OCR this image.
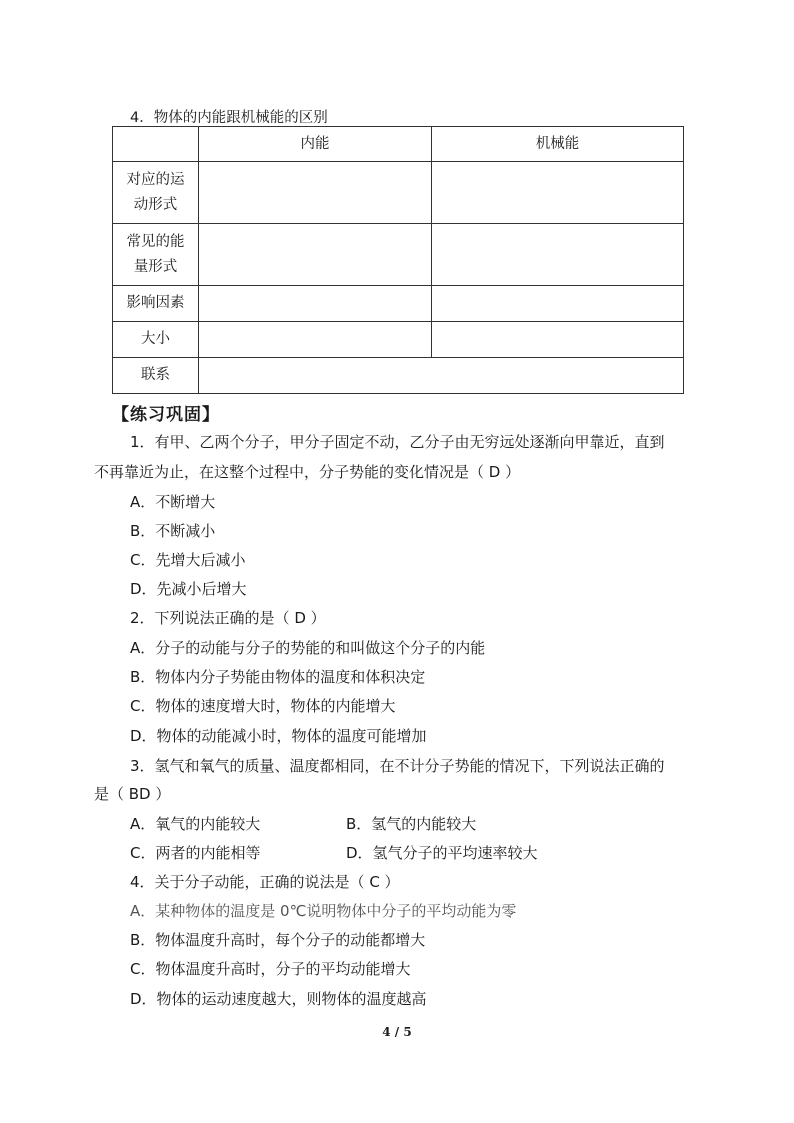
4．物体的内能跟机械能的区别
	内能	机械能

对应的运
动形式		

常见的能
量形式		

影响因素		
大小		
联系		
【练习巩固】
1．有甲、乙两个分子，甲分子固定不动，乙分子由无穷远处逐渐向甲靠近，直到
不再靠近为止，在这整个过程中，分子势能的变化情况是（ D ）
A．不断增大
B．不断减小
C．先增大后减小
D．先减小后增大
2．下列说法正确的是（ D ）
A．分子的动能与分子的势能的和叫做这个分子的内能
B．物体内分子势能由物体的温度和体积决定
C．物体的速度增大时，物体的内能增大
D．物体的动能减小时，物体的温度可能增加
3．氢气和氧气的质量、温度都相同，在不计分子势能的情况下，下列说法正确的
是（ BD ）
A．氧气的内能较大	B．氢气的内能较大
C．两者的内能相等	D．氢气分子的平均速率较大
4．关于分子动能，正确的说法是（ C ）
A．某种物体的温度是 0℃说明物体中分子的平均动能为零
B．物体温度升高时，每个分子的动能都增大
C．物体温度升高时，分子的平均动能增大
D．物体的运动速度越大，则物体的温度越高
4 / 5
